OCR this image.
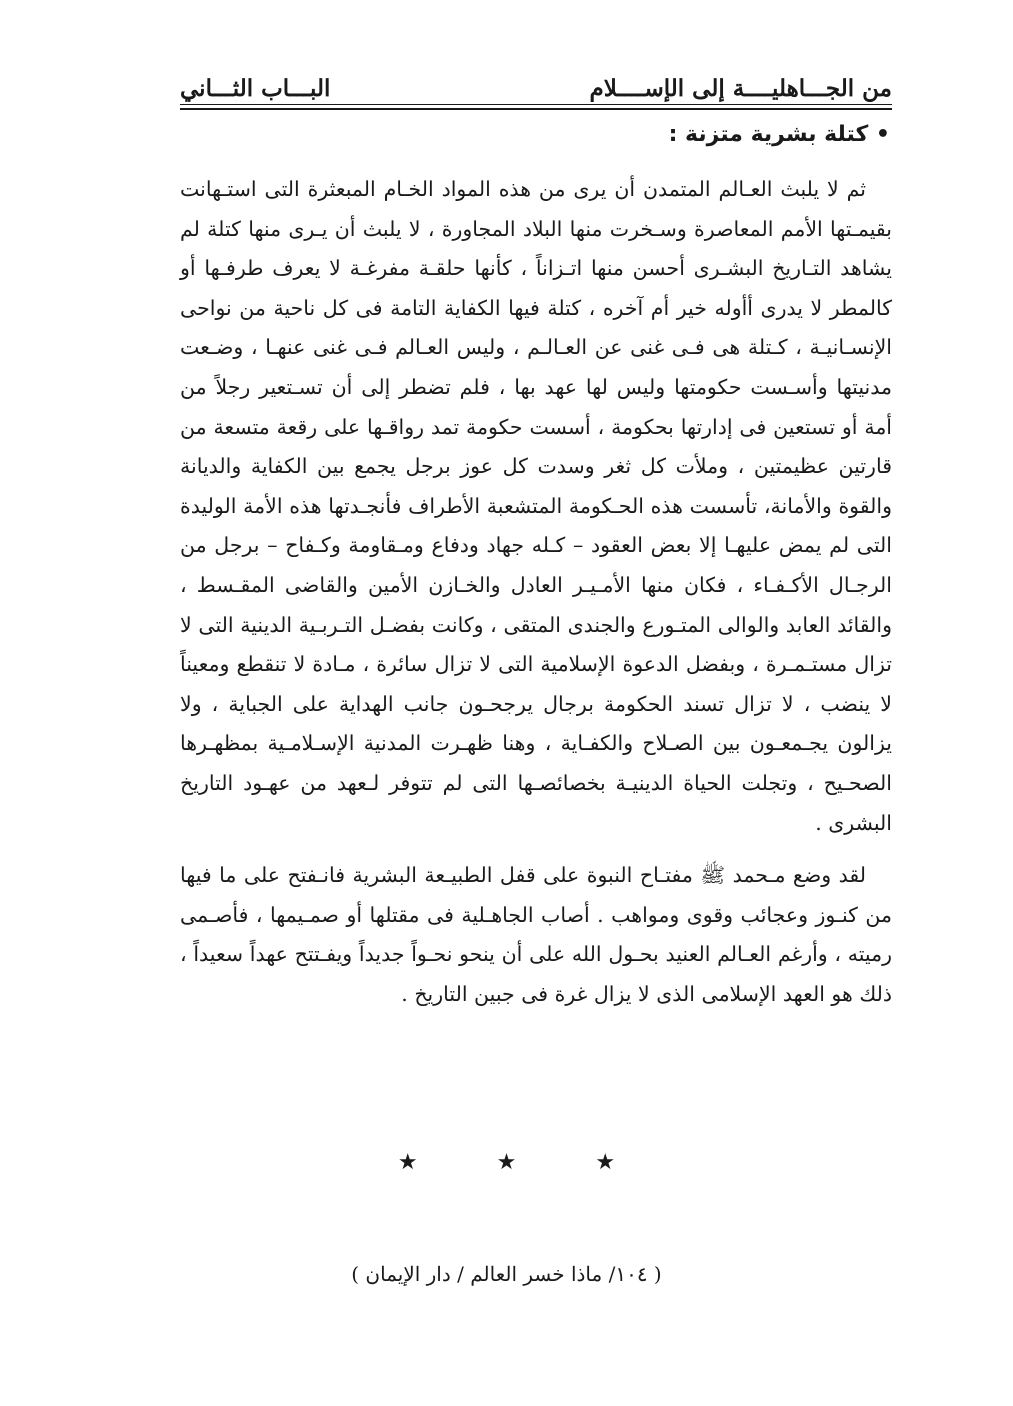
من الجـــاهليــــة إلى الإســــلام
البـــاب الثـــاني
• كتلة بشرية متزنة :

ثم لا يلبث العـالم المتمدن أن يرى من هذه المواد الخـام المبعثرة التى استـهانت بقيمـتها الأمم المعاصرة وسـخرت منها البلاد المجاورة ، لا يلبث أن يـرى منها كتلة لم يشاهد التـاريخ البشـرى أحسن منها اتـزاناً ، كأنها حلقـة مفرغـة لا يعرف طرفـها أو كالمطر لا يدرى أأوله خير أم آخره ، كتلة فيها الكفاية التامة فى كل ناحية من نواحى الإنسـانيـة ، كـتلة هى فـى غنى عن العـالـم ، وليس العـالم فـى غنى عنهـا ، وضـعت مدنيتها وأسـست حكومتها وليس لها عهد بها ، فلم تضطر إلى أن تسـتعير رجلاً من أمة أو تستعين فى إدارتها بحكومة ، أسست حكومة تمد رواقـها على رقعة متسعة من قارتين عظيمتين ، وملأت كل ثغر وسدت كل عوز برجل يجمع بين الكفاية والديانة والقوة والأمانة، تأسست هذه الحـكومة المتشعبة الأطراف فأنجـدتها هذه الأمة الوليدة التى لم يمض عليهـا إلا بعض العقود – كـله جهاد ودفاع ومـقاومة وكـفاح – برجل من الرجـال الأكـفـاء ، فكان منها الأمـيـر العادل والخـازن الأمين والقاضى المقـسط ، والقائد العابد والوالى المتـورع والجندى المتقى ، وكانت بفضـل التـربـية الدينية التى لا تزال مستـمـرة ، وبفضل الدعوة الإسلامية التى لا تزال سائرة ، مـادة لا تنقطع ومعيناً لا ينضب ، لا تزال تسند الحكومة برجال يرجحـون جانب الهداية على الجباية ، ولا يزالون يجـمعـون بين الصـلاح والكفـاية ، وهنا ظهـرت المدنية الإسـلامـية بمظهـرها الصحـيح ، وتجلت الحياة الدينيـة بخصائصـها التى لم تتوفر لـعهد من عهـود التاريخ البشرى .

لقد وضع مـحمد ﷺ مفتـاح النبوة على قفل الطبيـعة البشرية فانـفتح على ما فيها من كنـوز وعجائب وقوى ومواهب . أصاب الجاهـلية فى مقتلها أو صمـيمها ، فأصـمى رميته ، وأرغم العـالم العنيد بحـول الله على أن ينحو نحـواً جديداً ويفـتتح عهداً سعيداً ، ذلك هو العهد الإسلامى الذى لا يزال غرة فى جبين التاريخ .

★	★	★
( ١٠٤/ ماذا خسر العالم / دار الإيمان )
